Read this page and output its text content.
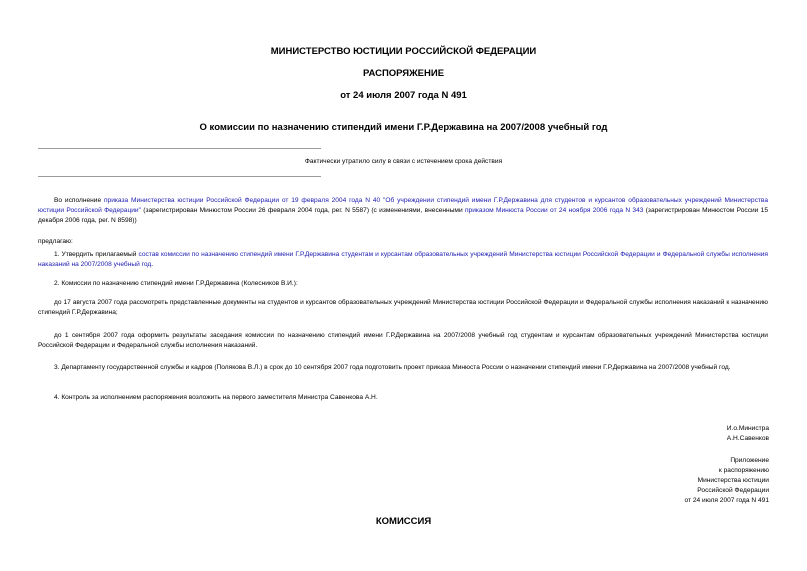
МИНИСТЕРСТВО ЮСТИЦИИ РОССИЙСКОЙ ФЕДЕРАЦИИ
РАСПОРЯЖЕНИЕ
от 24 июля 2007 года N 491
О комиссии по назначению стипендий имени Г.Р.Державина на 2007/2008 учебный год
Фактически утратило силу в связи с истечением срока действия
Во исполнение приказа Министерства юстиции Российской Федерации от 19 февраля 2004 года N 40 "Об учреждении стипендий имени Г.Р.Державина для студентов и курсантов образовательных учреждений Министерства юстиции Российской Федерации" (зарегистрирован Минюстом России 26 февраля 2004 года, рег. N 5587) (с изменениями, внесенными приказом Минюста России от 24 ноября 2006 года N 343 (зарегистрирован Минюстом России 15 декабря 2006 года, рег. N 8598))
предлагаю:
1. Утвердить прилагаемый состав комиссии по назначению стипендий имени Г.Р.Державина студентам и курсантам образовательных учреждений Министерства юстиции Российской Федерации и Федеральной службы исполнения наказаний на 2007/2008 учебный год.
2. Комиссии по назначению стипендий имени Г.Р.Державина (Колесников В.И.):
до 17 августа 2007 года рассмотреть представленные документы на студентов и курсантов образовательных учреждений Министерства юстиции Российской Федерации и Федеральной службы исполнения наказаний к назначению стипендий Г.Р.Державина;
до 1 сентября 2007 года оформить результаты заседания комиссии по назначению стипендий имени Г.Р.Державина на 2007/2008 учебный год студентам и курсантам образовательных учреждений Министерства юстиции Российской Федерации и Федеральной службы исполнения наказаний.
3. Департаменту государственной службы и кадров (Полякова В.Л.) в срок до 10 сентября 2007 года подготовить проект приказа Минюста России о назначении стипендий имени Г.Р.Державина на 2007/2008 учебный год.
4. Контроль за исполнением распоряжения возложить на первого заместителя Министра Савенкова А.Н.
И.о.Министра
А.Н.Савенков
Приложение
к распоряжению
Министерства юстиции
Российской Федерации
от 24 июля 2007 года N 491
КОМИССИЯ
